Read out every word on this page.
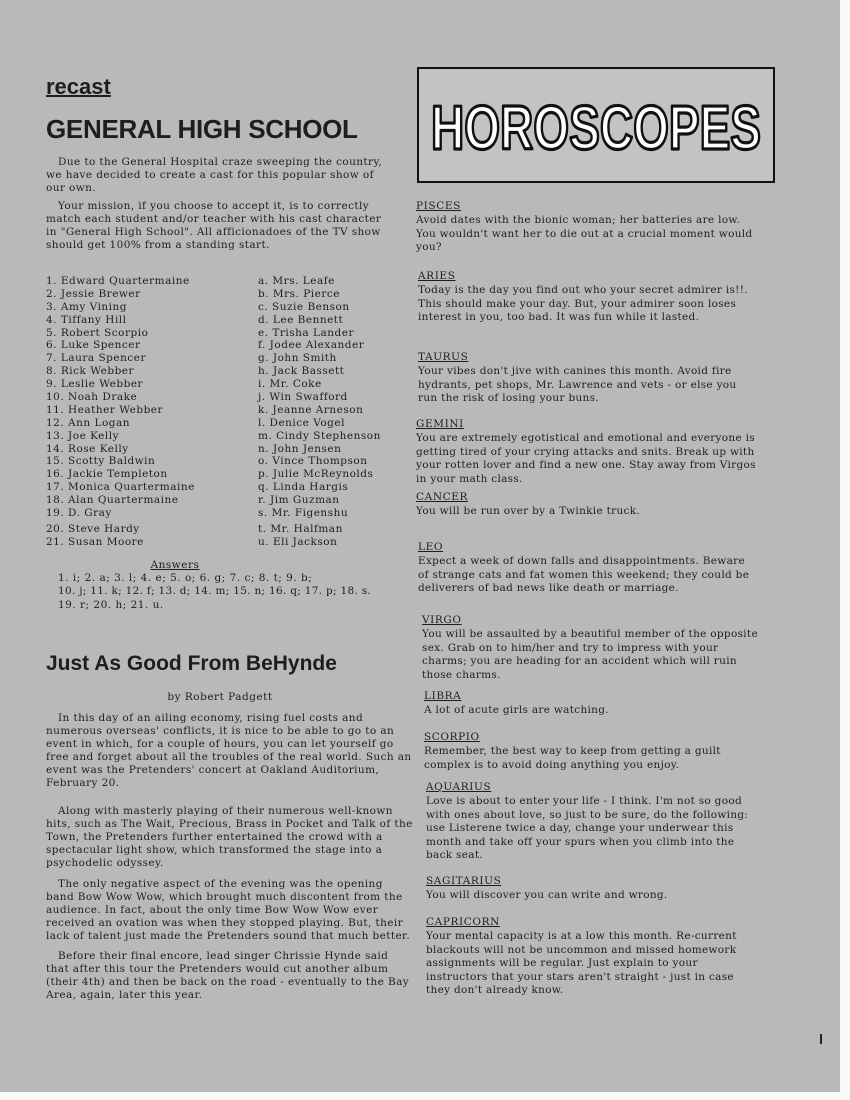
recast
GENERAL HIGH SCHOOL

Due to the General Hospital craze sweeping the country, we have decided to create a cast for this popular show of our own.

Your mission, if you choose to accept it, is to correctly match each student and/or teacher with his cast character in "General High School". All afficionadoes of the TV show should get 100% from a standing start.

1. Edward Quartermaine
2. Jessie Brewer
3. Amy Vining
4. Tiffany Hill
5. Robert Scorpio
6. Luke Spencer
7. Laura Spencer
8. Rick Webber
9. Leslie Webber
10. Noah Drake
11. Heather Webber
12. Ann Logan
13. Joe Kelly
14. Rose Kelly
15. Scotty Baldwin
16. Jackie Templeton
17. Monica Quartermaine
18. Alan Quartermaine
19. D. Gray
20. Steve Hardy
21. Susan Moore
a. Mrs. Leafe
b. Mrs. Pierce
c. Suzie Benson
d. Lee Bennett
e. Trisha Lander
f. Jodee Alexander
g. John Smith
h. Jack Bassett
i. Mr. Coke
j. Win Swafford
k. Jeanne Arneson
l. Denice Vogel
m. Cindy Stephenson
n. John Jensen
o. Vince Thompson
p. Julie McReynolds
q. Linda Hargis
r. Jim Guzman
s. Mr. Figenshu
t. Mr. Halfman
u. Eli Jackson
Answers
1. i; 2. a; 3. l; 4. e; 5. o; 6. g; 7. c; 8. t; 9. b;
10. j; 11. k; 12. f; 13. d; 14. m; 15. n; 16. q; 17. p; 18. s.
19. r; 20. h; 21. u.
Just As Good From BeHynde
by Robert Padgett

In this day of an ailing economy, rising fuel costs and numerous overseas' conflicts, it is nice to be able to go to an event in which, for a couple of hours, you can let yourself go free and forget about all the troubles of the real world. Such an event was the Pretenders' concert at Oakland Auditorium, February 20.

Along with masterly playing of their numerous well-known hits, such as The Wait, Precious, Brass in Pocket and Talk of the Town, the Pretenders further entertained the crowd with a spectacular light show, which transformed the stage into a psychodelic odyssey.

The only negative aspect of the evening was the opening band Bow Wow Wow, which brought much discontent from the audience. In fact, about the only time Bow Wow Wow ever received an ovation was when they stopped playing. But, their lack of talent just made the Pretenders sound that much better.

Before their final encore, lead singer Chrissie Hynde said that after this tour the Pretenders would cut another album (their 4th) and then be back on the road - eventually to the Bay Area, again, later this year.

HOROSCOPES
PISCES

Avoid dates with the bionic woman; her batteries are low. You wouldn't want her to die out at a crucial moment would you?

ARIES

Today is the day you find out who your secret admirer is!!. This should make your day. But, your admirer soon loses interest in you, too bad. It was fun while it lasted.

TAURUS

Your vibes don't jive with canines this month. Avoid fire hydrants, pet shops, Mr. Lawrence and vets - or else you run the risk of losing your buns.

GEMINI

You are extremely egotistical and emotional and everyone is getting tired of your crying attacks and snits. Break up with your rotten lover and find a new one. Stay away from Virgos in your math class.

CANCER

You will be run over by a Twinkie truck.

LEO

Expect a week of down falls and disappointments. Beware of strange cats and fat women this weekend; they could be deliverers of bad news like death or marriage.

VIRGO

You will be assaulted by a beautiful member of the opposite sex. Grab on to him/her and try to impress with your charms; you are heading for an accident which will ruin those charms.

LIBRA

A lot of acute girls are watching.

SCORPIO

Remember, the best way to keep from getting a guilt complex is to avoid doing anything you enjoy.

AQUARIUS

Love is about to enter your life - I think. I'm not so good with ones about love, so just to be sure, do the following: use Listerene twice a day, change your underwear this month and take off your spurs when you climb into the back seat.

SAGITARIUS

You will discover you can write and wrong.

CAPRICORN

Your mental capacity is at a low this month. Re-current blackouts will not be uncommon and missed homework assignments will be regular. Just explain to your instructors that your stars aren't straight - just in case they don't already know.
